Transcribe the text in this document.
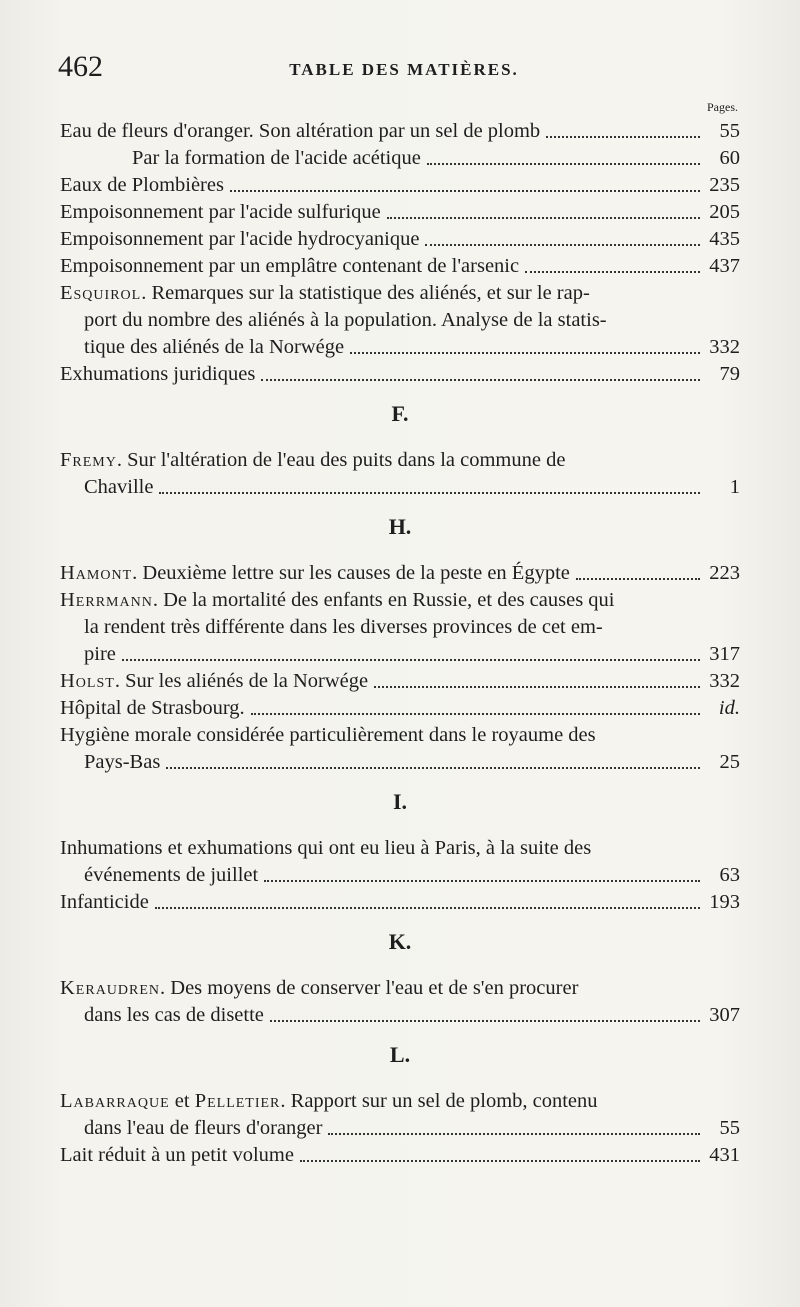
462	TABLE DES MATIÈRES.
Pages.
Eau de fleurs d'oranger. Son altération par un sel de plomb	55
Par la formation de l'acide acétique	60
Eaux de Plombières	235
Empoisonnement par l'acide sulfurique	205
Empoisonnement par l'acide hydrocyanique	435
Empoisonnement par un emplâtre contenant de l'arsenic	437
Esquirol. Remarques sur la statistique des aliénés, et sur le rap-
port du nombre des aliénés à la population. Analyse de la statis-
tique des aliénés de la Norwége	332
Exhumations juridiques	79
F.
Fremy. Sur l'altération de l'eau des puits dans la commune de
Chaville	1
H.
Hamont. Deuxième lettre sur les causes de la peste en Égypte	223
Herrmann. De la mortalité des enfants en Russie, et des causes qui
la rendent très différente dans les diverses provinces de cet em-
pire	317
Holst. Sur les aliénés de la Norwége	332
Hôpital de Strasbourg.	id.
Hygiène morale considérée particulièrement dans le royaume des
Pays-Bas	25
I.
Inhumations et exhumations qui ont eu lieu à Paris, à la suite des
événements de juillet	63
Infanticide	193
K.
Keraudren. Des moyens de conserver l'eau et de s'en procurer
dans les cas de disette	307
L.
Labarraque et Pelletier. Rapport sur un sel de plomb, contenu
dans l'eau de fleurs d'oranger	55
Lait réduit à un petit volume	431
